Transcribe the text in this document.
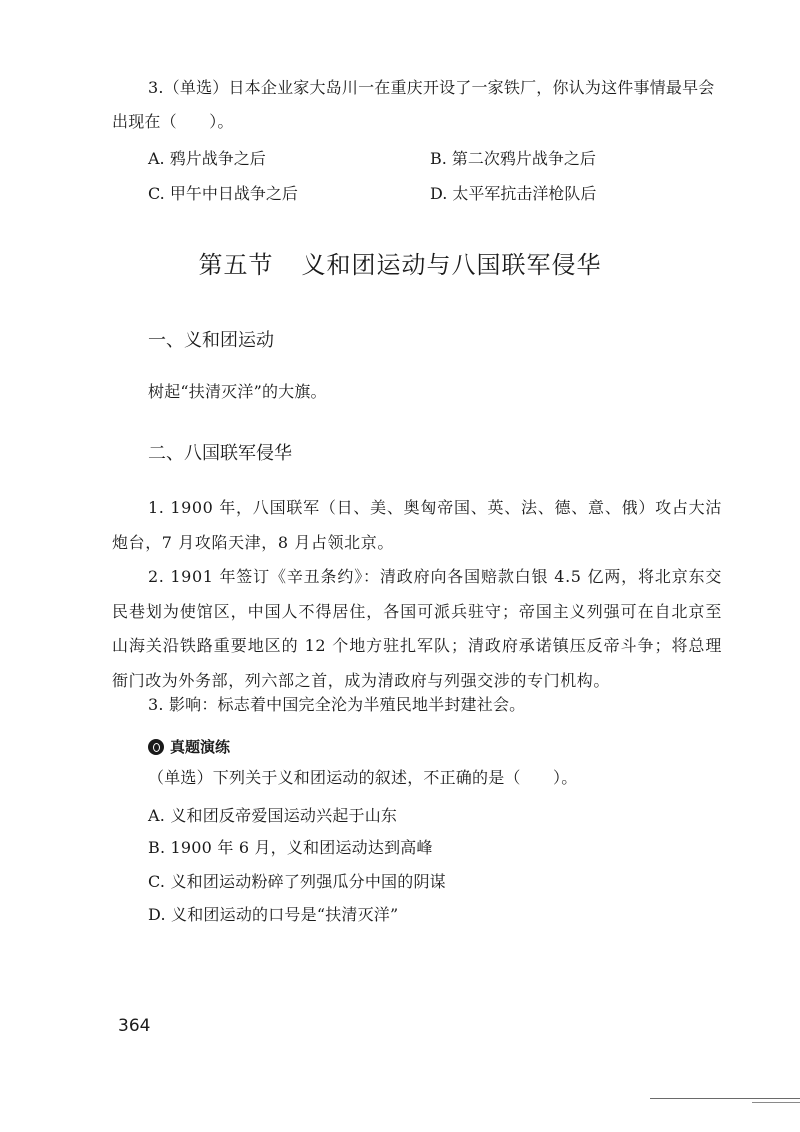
3.（单选）日本企业家大岛川一在重庆开设了一家铁厂，你认为这件事情最早会
出现在（　　）。
A. 鸦片战争之后	B. 第二次鸦片战争之后
C. 甲午中日战争之后	D. 太平军抗击洋枪队后
第五节 义和团运动与八国联军侵华
一、义和团运动
树起“扶清灭洋”的大旗。
二、八国联军侵华
1. 1900 年，八国联军（日、美、奥匈帝国、英、法、德、意、俄）攻占大沽炮台，7 月攻陷天津，8 月占领北京。
2. 1901 年签订《辛丑条约》：清政府向各国赔款白银 4.5 亿两，将北京东交民巷划为使馆区，中国人不得居住，各国可派兵驻守；帝国主义列强可在自北京至山海关沿铁路重要地区的 12 个地方驻扎军队；清政府承诺镇压反帝斗争；将总理衙门改为外务部，列六部之首，成为清政府与列强交涉的专门机构。
3. 影响：标志着中国完全沦为半殖民地半封建社会。
真题演练
（单选）下列关于义和团运动的叙述，不正确的是（　　）。
A. 义和团反帝爱国运动兴起于山东
B. 1900 年 6 月，义和团运动达到高峰
C. 义和团运动粉碎了列强瓜分中国的阴谋
D. 义和团运动的口号是“扶清灭洋”
364
